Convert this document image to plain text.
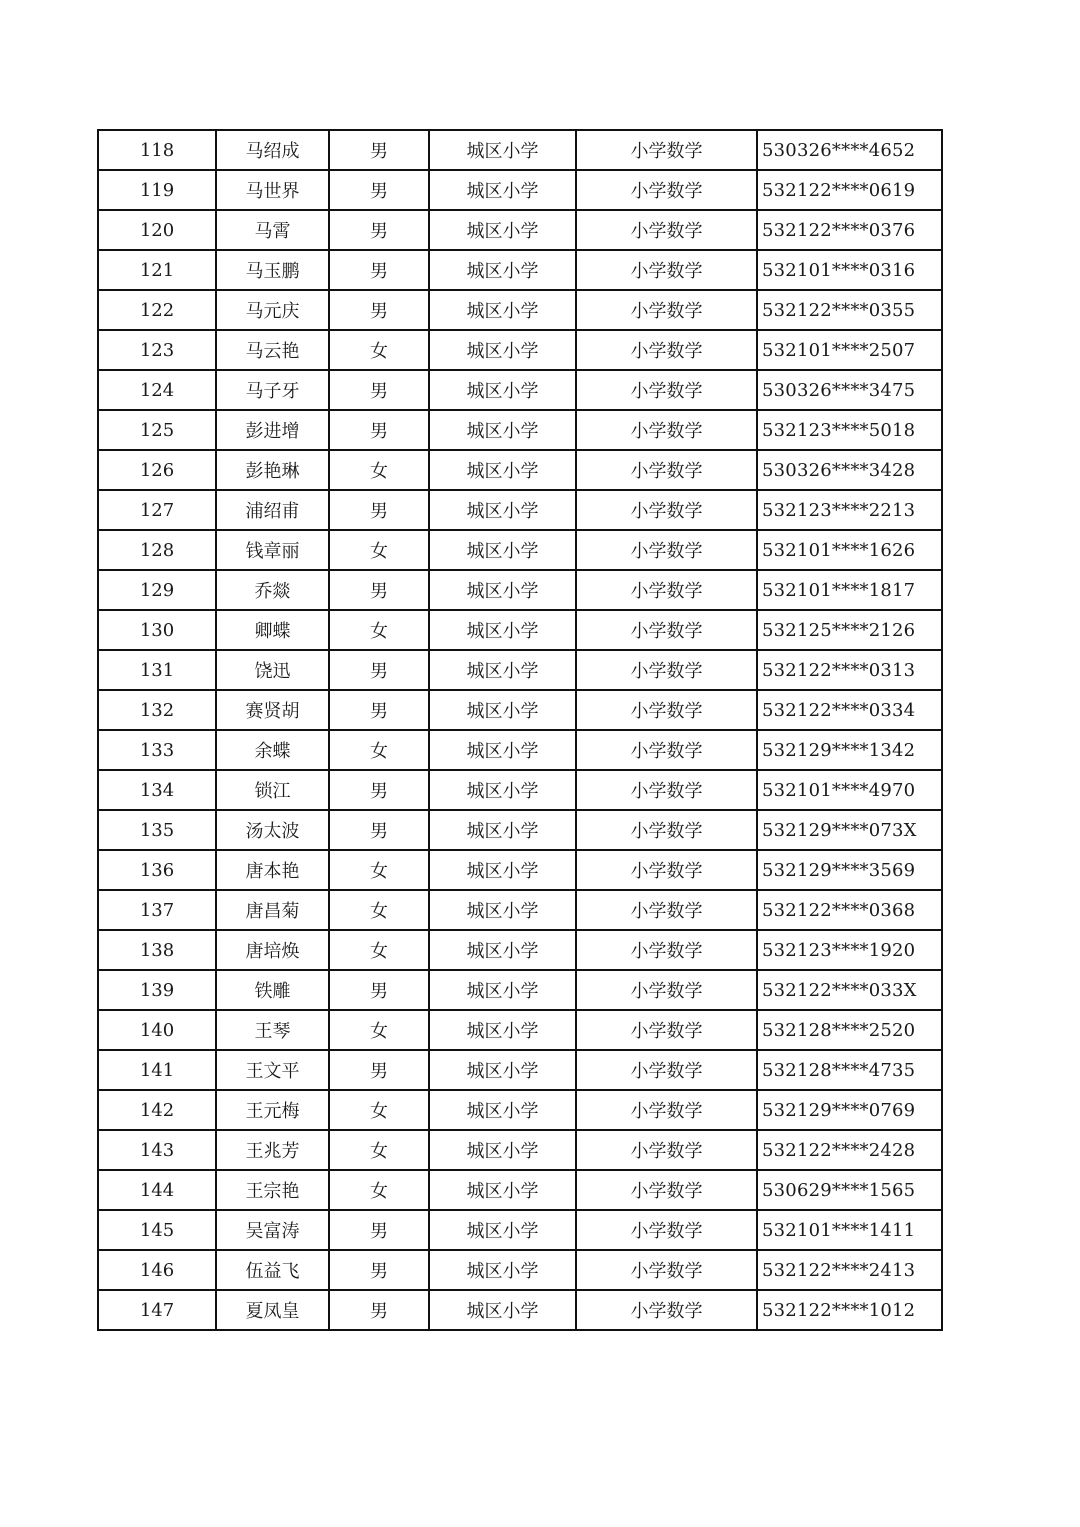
118	马绍成	男	城区小学	小学数学	530326****4652
119	马世界	男	城区小学	小学数学	532122****0619
120	马霄	男	城区小学	小学数学	532122****0376
121	马玉鹏	男	城区小学	小学数学	532101****0316
122	马元庆	男	城区小学	小学数学	532122****0355
123	马云艳	女	城区小学	小学数学	532101****2507
124	马子牙	男	城区小学	小学数学	530326****3475
125	彭进增	男	城区小学	小学数学	532123****5018
126	彭艳琳	女	城区小学	小学数学	530326****3428
127	浦绍甫	男	城区小学	小学数学	532123****2213
128	钱章丽	女	城区小学	小学数学	532101****1626
129	乔燚	男	城区小学	小学数学	532101****1817
130	卿蝶	女	城区小学	小学数学	532125****2126
131	饶迅	男	城区小学	小学数学	532122****0313
132	赛贤胡	男	城区小学	小学数学	532122****0334
133	余蝶	女	城区小学	小学数学	532129****1342
134	锁江	男	城区小学	小学数学	532101****4970
135	汤太波	男	城区小学	小学数学	532129****073X
136	唐本艳	女	城区小学	小学数学	532129****3569
137	唐昌菊	女	城区小学	小学数学	532122****0368
138	唐培焕	女	城区小学	小学数学	532123****1920
139	铁雕	男	城区小学	小学数学	532122****033X
140	王琴	女	城区小学	小学数学	532128****2520
141	王文平	男	城区小学	小学数学	532128****4735
142	王元梅	女	城区小学	小学数学	532129****0769
143	王兆芳	女	城区小学	小学数学	532122****2428
144	王宗艳	女	城区小学	小学数学	530629****1565
145	吴富涛	男	城区小学	小学数学	532101****1411
146	伍益飞	男	城区小学	小学数学	532122****2413
147	夏凤皇	男	城区小学	小学数学	532122****1012
